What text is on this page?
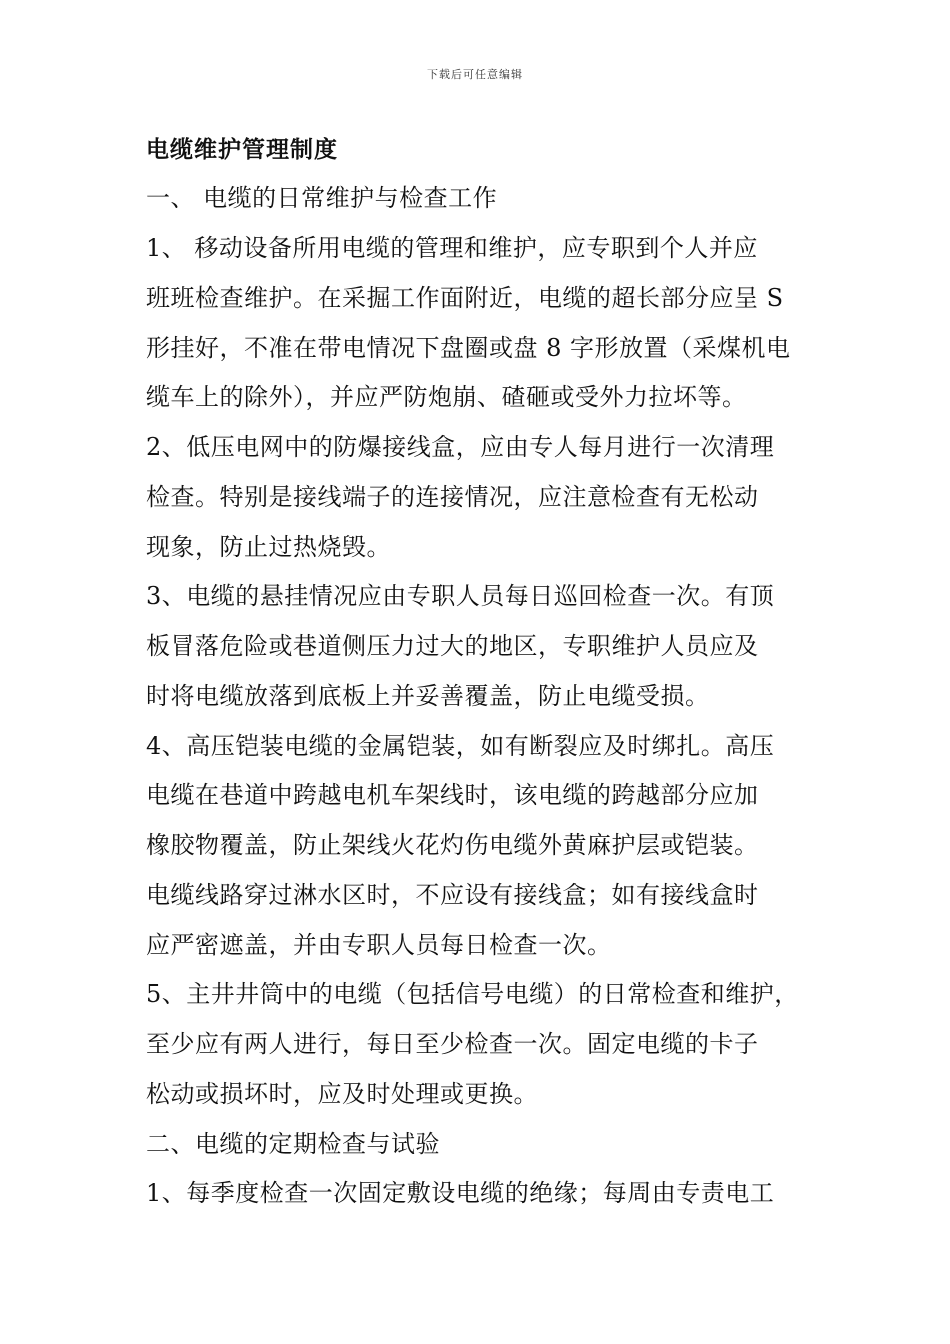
下载后可任意编辑
电缆维护管理制度
一、 电缆的日常维护与检查工作
1、 移动设备所用电缆的管理和维护，应专职到个人并应
班班检查维护。在采掘工作面附近，电缆的超长部分应呈 S
形挂好，不准在带电情况下盘圈或盘 8 字形放置（采煤机电
缆车上的除外），并应严防炮崩、碴砸或受外力拉坏等。
2、低压电网中的防爆接线盒，应由专人每月进行一次清理
检查。特别是接线端子的连接情况，应注意检查有无松动
现象，防止过热烧毁。
3、电缆的悬挂情况应由专职人员每日巡回检查一次。有顶
板冒落危险或巷道侧压力过大的地区，专职维护人员应及
时将电缆放落到底板上并妥善覆盖，防止电缆受损。
4、高压铠装电缆的金属铠装，如有断裂应及时绑扎。高压
电缆在巷道中跨越电机车架线时，该电缆的跨越部分应加
橡胶物覆盖，防止架线火花灼伤电缆外黄麻护层或铠装。
电缆线路穿过淋水区时，不应设有接线盒；如有接线盒时
应严密遮盖，并由专职人员每日检查一次。
5、主井井筒中的电缆（包括信号电缆）的日常检查和维护，
至少应有两人进行，每日至少检查一次。固定电缆的卡子
松动或损坏时，应及时处理或更换。
二、电缆的定期检查与试验
1、每季度检查一次固定敷设电缆的绝缘；每周由专责电工
